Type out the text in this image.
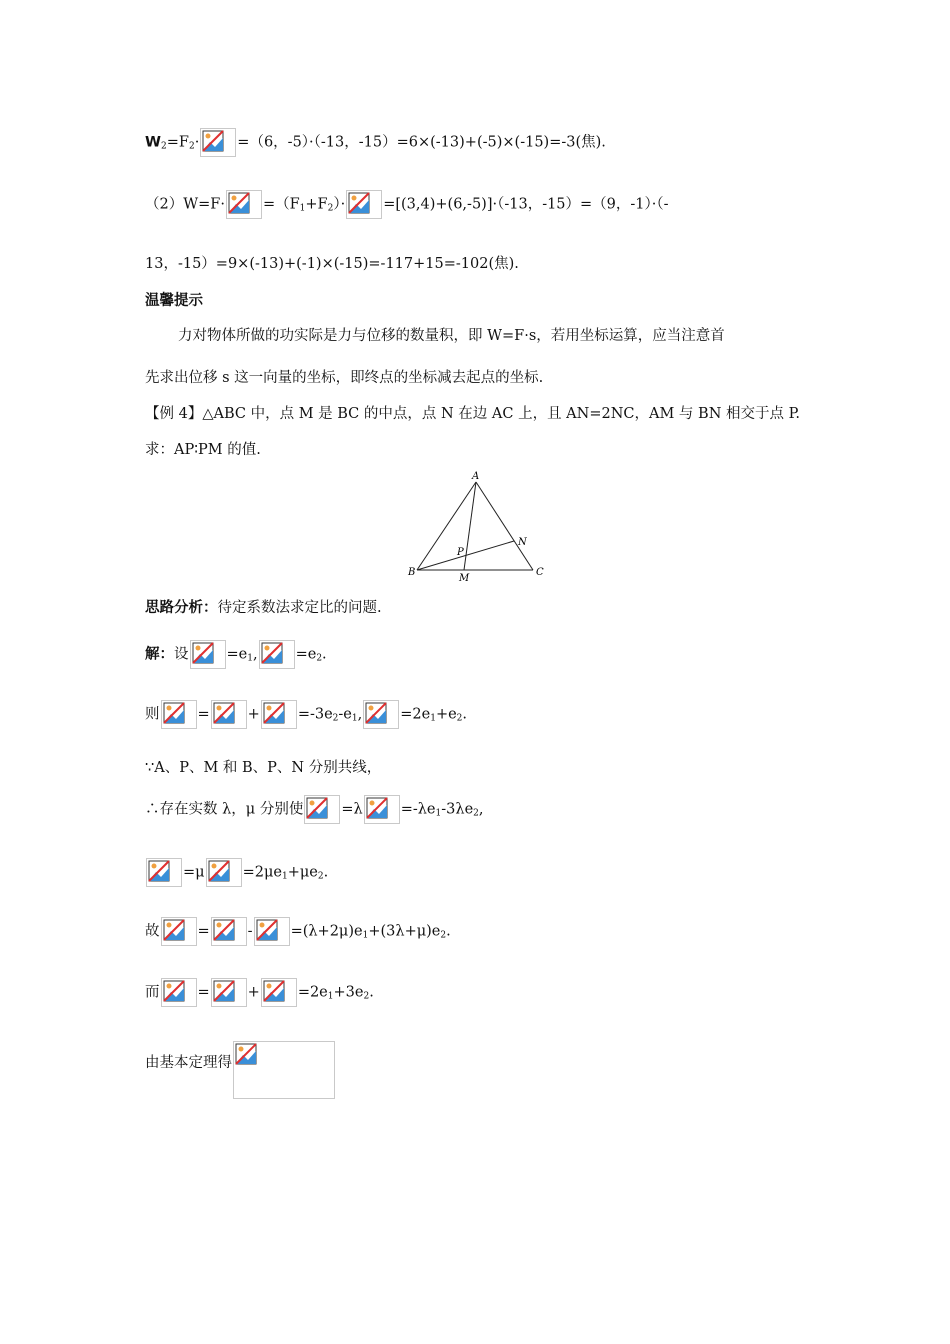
$W_2=F_2\cdot$	=（6，-5）·（-13，-15）=6×(-13)+(-5)×(-15)=-3(焦).
（2）W=F·	$=(F_1+F_2)\cdot$	=[(3,4)+(6,-5)]·（-13，-15）=（9，-1）·（-
13，-15）=9×(-13)+(-1)×(-15)=-117+15=-102(焦).
温馨提示
力对物体所做的功实际是力与位移的数量积，即 W=F·s，若用坐标运算，应当注意首
先求出位移 s 这一向量的坐标，即终点的坐标减去起点的坐标.
【例 4】△ABC 中，点 M 是 BC 的中点，点 N 在边 AC 上，且 AN=2NC，AM 与 BN 相交于点 P.
求：AP∶PM 的值.
A
B	C
M
N
P
思路分析：待定系数法求定比的问题.
解：设	$=e_1$,	$=e_2$.
则	=	+	$=-3e_2-e_1$,	$=2e_1+e_2$.
∵A、P、M 和 B、P、N 分别共线，
∴存在实数 λ，μ 分别使	=λ	$=-\lambda e_1-3\lambda e_2$,
=μ	$=2\mu e_1+\mu e_2$.
故	=	-	$=(\lambda+2\mu)e_1+(3\lambda+\mu)e_2$.
而	=	+	$=2e_1+3e_2$.
由基本定理得
